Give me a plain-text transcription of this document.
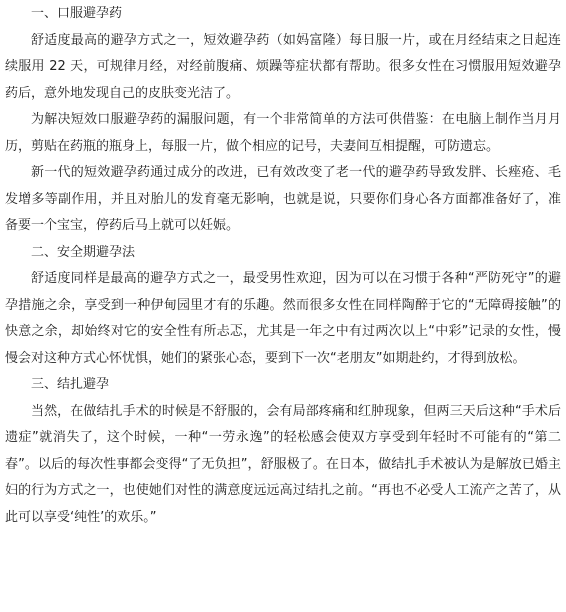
一、口服避孕药

舒适度最高的避孕方式之一，短效避孕药（如妈富隆）每日服一片，或在月经结束之日起连续服用 22 天，可规律月经，对经前腹痛、烦躁等症状都有帮助。很多女性在习惯服用短效避孕药后，意外地发现自己的皮肤变光洁了。

为解决短效口服避孕药的漏服问题，有一个非常简单的方法可供借鉴：在电脑上制作当月月历，剪贴在药瓶的瓶身上，每服一片，做个相应的记号，夫妻间互相提醒，可防遗忘。

新一代的短效避孕药通过成分的改进，已有效改变了老一代的避孕药导致发胖、长痤疮、毛发增多等副作用，并且对胎儿的发育毫无影响，也就是说，只要你们身心各方面都准备好了，准备要一个宝宝，停药后马上就可以妊娠。

二、安全期避孕法

舒适度同样是最高的避孕方式之一，最受男性欢迎，因为可以在习惯于各种“严防死守”的避孕措施之余，享受到一种伊甸园里才有的乐趣。然而很多女性在同样陶醉于它的“无障碍接触”的快意之余，却始终对它的安全性有所忐忑，尤其是一年之中有过两次以上“中彩”记录的女性，慢慢会对这种方式心怀忧惧，她们的紧张心态，要到下一次“老朋友”如期赴约，才得到放松。

三、结扎避孕

当然，在做结扎手术的时候是不舒服的，会有局部疼痛和红肿现象，但两三天后这种“手术后遗症”就消失了，这个时候，一种“一劳永逸”的轻松感会使双方享受到年轻时不可能有的“第二春”。以后的每次性事都会变得“了无负担”，舒服极了。在日本，做结扎手术被认为是解放已婚主妇的行为方式之一，也使她们对性的满意度远远高过结扎之前。“再也不必受人工流产之苦了，从此可以享受‘纯性’的欢乐。”
